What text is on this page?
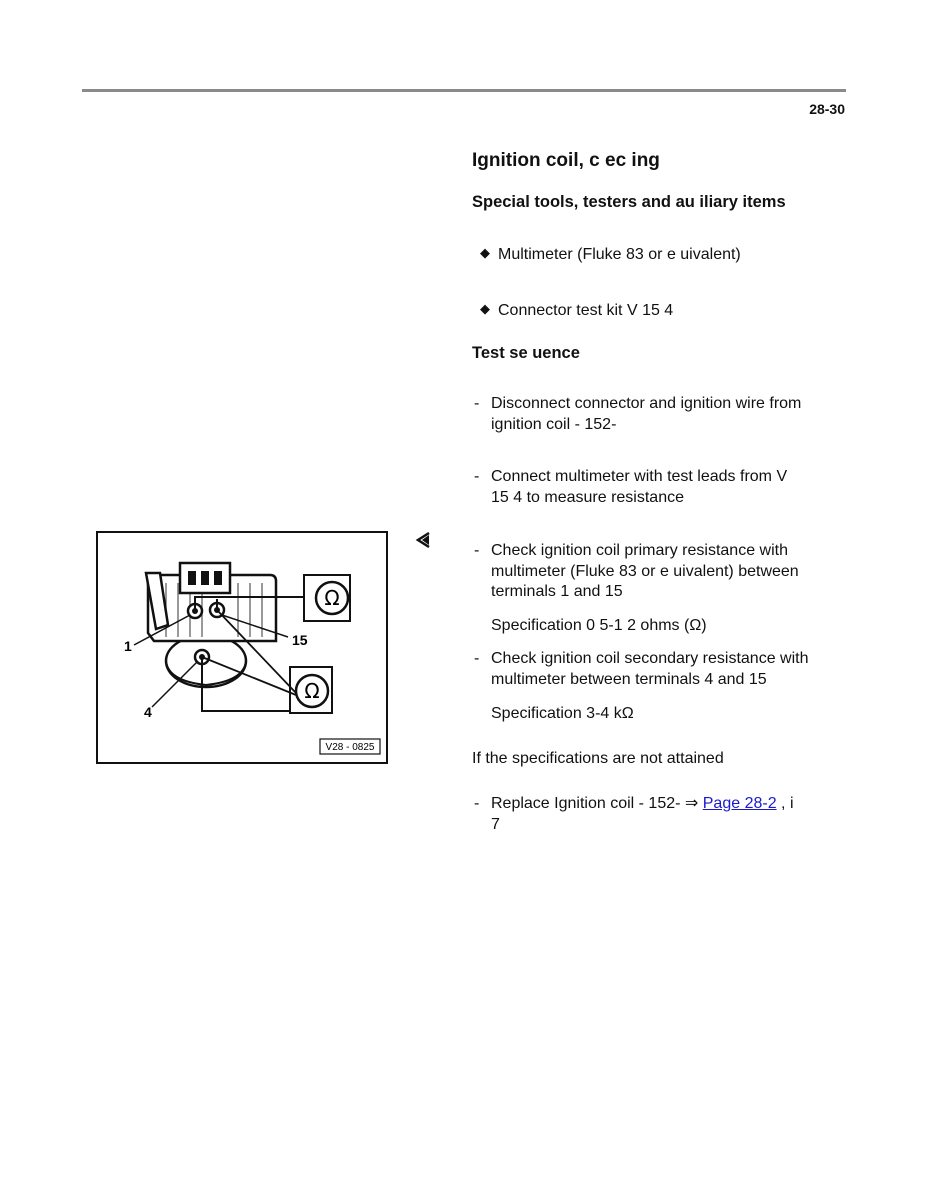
28-30
Ignition coil, c ec ing
Special tools, testers and au iliary items
◆ Multimeter (Fluke 83 or e uivalent)
◆ Connector test kit V 15 4
Test se uence
- Disconnect connector and ignition wire from
ignition coil - 152-
- Connect multimeter with test leads from V
15 4 to measure resistance
- Check ignition coil primary resistance with
multimeter (Fluke 83 or e uivalent) between
terminals 1 and 15
Specification 0 5-1 2 ohms (Ω)
- Check ignition coil secondary resistance with
multimeter between terminals 4 and 15
Specification 3-4 kΩ
If the specifications are not attained
- Replace Ignition coil - 152- ⇒ Page 28-2 , i
7
Ω
Ω
1	15
4
V28 - 0825
